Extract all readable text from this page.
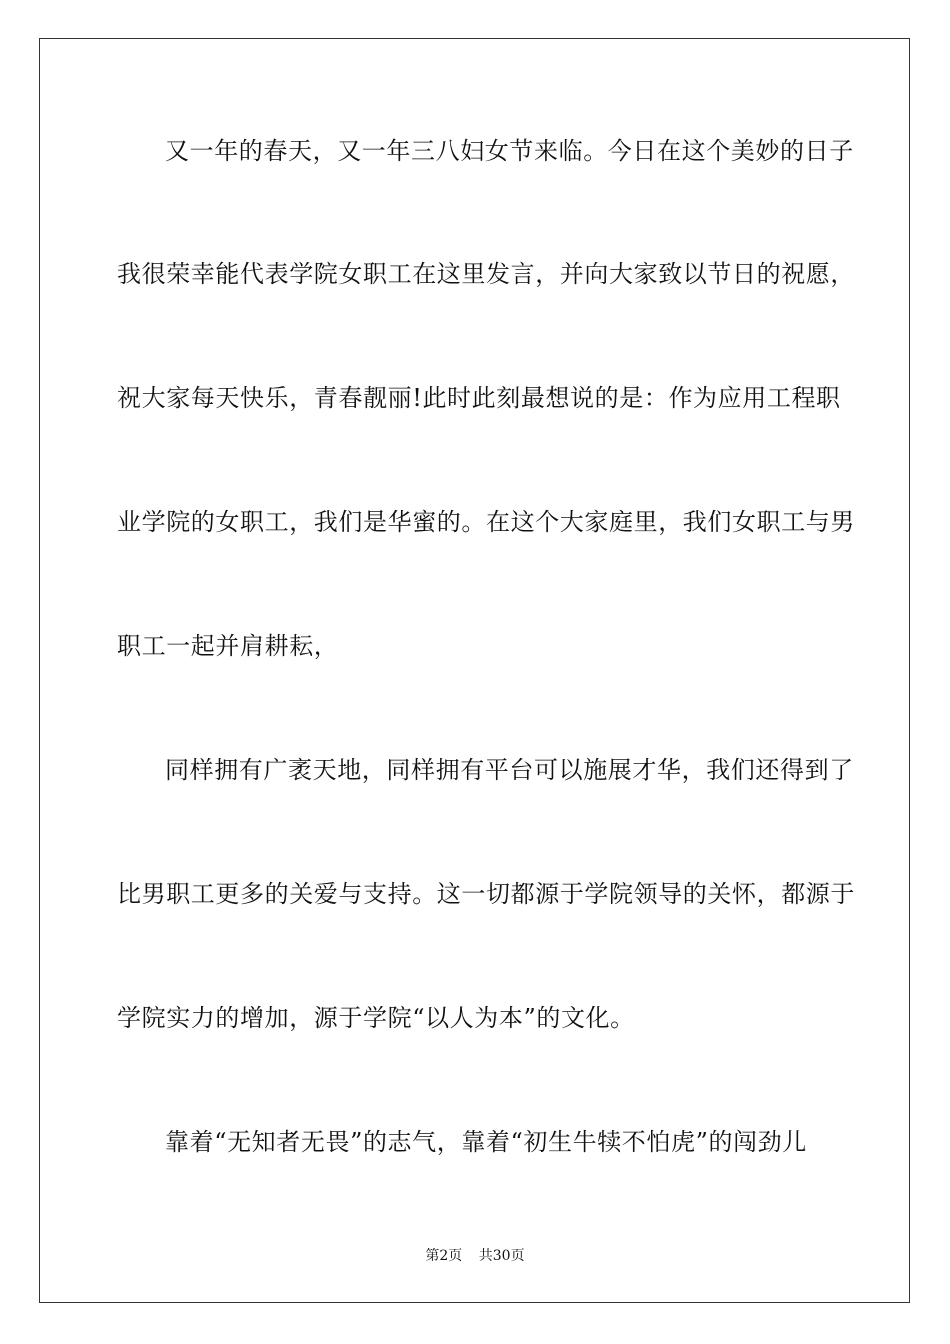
又一年的春天，又一年三八妇女节来临。今日在这个美妙的日子
我很荣幸能代表学院女职工在这里发言，并向大家致以节日的祝愿，
祝大家每天快乐，青春靓丽!此时此刻最想说的是：作为应用工程职
业学院的女职工，我们是华蜜的。在这个大家庭里，我们女职工与男
职工一起并肩耕耘，
同样拥有广袤天地，同样拥有平台可以施展才华，我们还得到了
比男职工更多的关爱与支持。这一切都源于学院领导的关怀，都源于
学院实力的增加，源于学院“以人为本”的文化。
靠着“无知者无畏”的志气，靠着“初生牛犊不怕虎”的闯劲儿
第2页 共30页
